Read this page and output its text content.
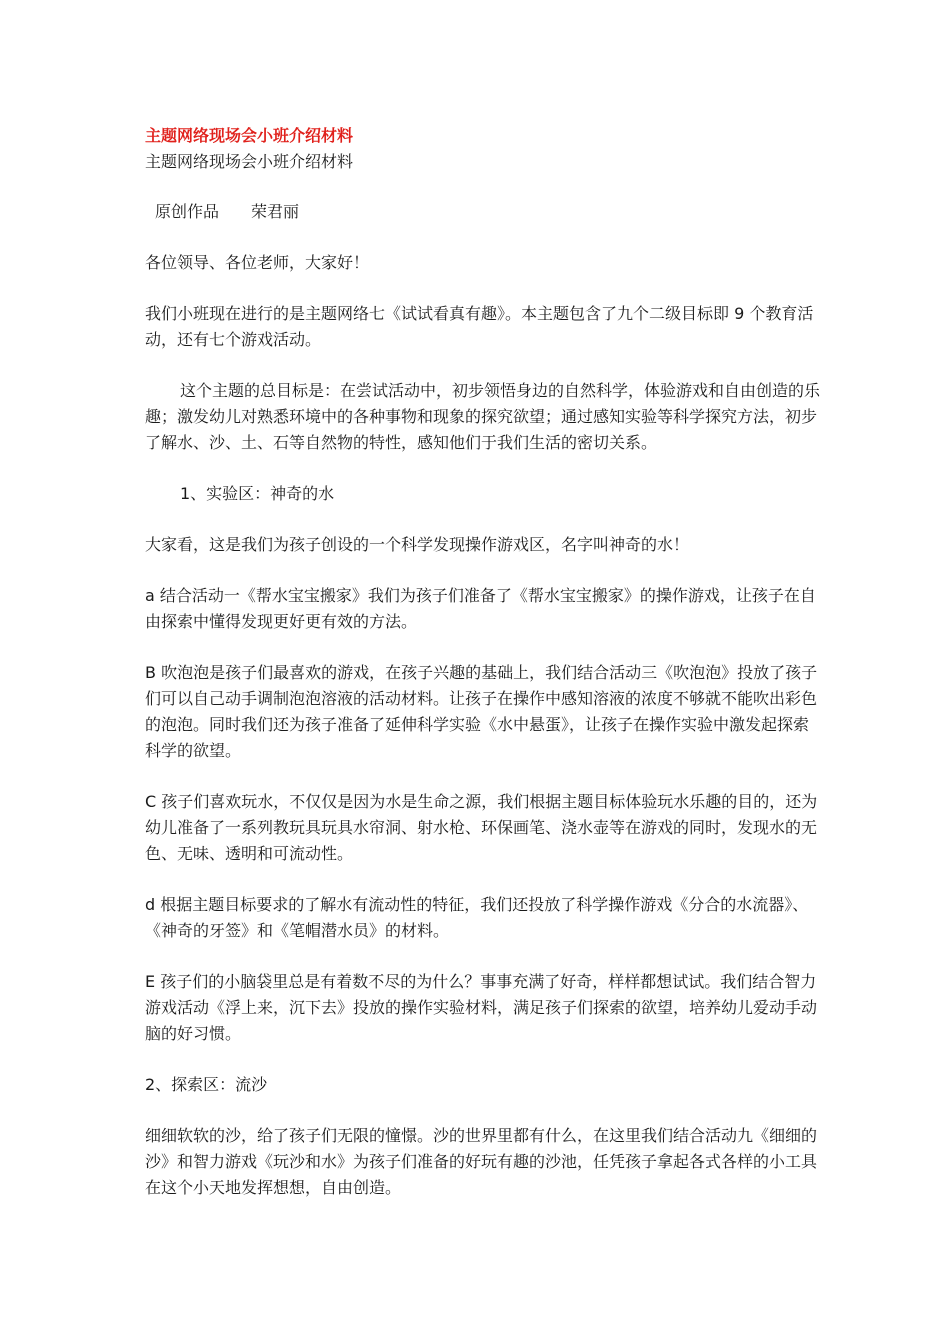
主题网络现场会小班介绍材料

主题网络现场会小班介绍材料

原创作品　　荣君丽

各位领导、各位老师，大家好！

我们小班现在进行的是主题网络七《试试看真有趣》。本主题包含了九个二级目标即 9 个教育活动，还有七个游戏活动。

这个主题的总目标是：在尝试活动中，初步领悟身边的自然科学，体验游戏和自由创造的乐趣；激发幼儿对熟悉环境中的各种事物和现象的探究欲望；通过感知实验等科学探究方法，初步了解水、沙、土、石等自然物的特性，感知他们于我们生活的密切关系。

1、实验区：神奇的水

大家看，这是我们为孩子创设的一个科学发现操作游戏区，名字叫神奇的水！

a 结合活动一《帮水宝宝搬家》我们为孩子们准备了《帮水宝宝搬家》的操作游戏，让孩子在自由探索中懂得发现更好更有效的方法。

B 吹泡泡是孩子们最喜欢的游戏，在孩子兴趣的基础上，我们结合活动三《吹泡泡》投放了孩子们可以自己动手调制泡泡溶液的活动材料。让孩子在操作中感知溶液的浓度不够就不能吹出彩色的泡泡。同时我们还为孩子准备了延伸科学实验《水中悬蛋》，让孩子在操作实验中激发起探索科学的欲望。

C 孩子们喜欢玩水，不仅仅是因为水是生命之源，我们根据主题目标体验玩水乐趣的目的，还为幼儿准备了一系列教玩具玩具水帘洞、射水枪、环保画笔、浇水壶等在游戏的同时，发现水的无色、无味、透明和可流动性。

d 根据主题目标要求的了解水有流动性的特征，我们还投放了科学操作游戏《分合的水流器》、《神奇的牙签》和《笔帽潜水员》的材料。

E 孩子们的小脑袋里总是有着数不尽的为什么？事事充满了好奇，样样都想试试。我们结合智力游戏活动《浮上来，沉下去》投放的操作实验材料，满足孩子们探索的欲望，培养幼儿爱动手动脑的好习惯。

2、探索区：流沙

细细软软的沙，给了孩子们无限的憧憬。沙的世界里都有什么，在这里我们结合活动九《细细的沙》和智力游戏《玩沙和水》为孩子们准备的好玩有趣的沙池，任凭孩子拿起各式各样的小工具在这个小天地发挥想想，自由创造。
